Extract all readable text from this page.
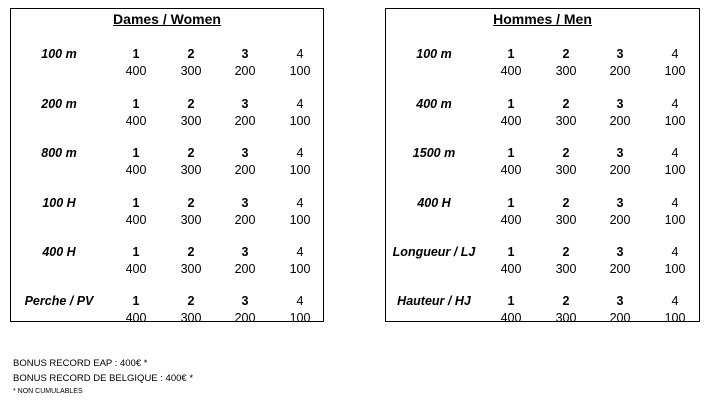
Dames / Women
100 m	1	2	3	4
400	300	200	100
200 m	1	2	3	4
400	300	200	100
800 m	1	2	3	4
400	300	200	100
100 H	1	2	3	4
400	300	200	100
400 H	1	2	3	4
400	300	200	100
Perche / PV	1	2	3	4
400	300	200	100
Hommes / Men
100 m	1	2	3	4
400	300	200	100
400 m	1	2	3	4
400	300	200	100
1500 m	1	2	3	4
400	300	200	100
400 H	1	2	3	4
400	300	200	100
Longueur / LJ	1	2	3	4
400	300	200	100
Hauteur / HJ	1	2	3	4
400	300	200	100
BONUS RECORD EAP : 400€ *
BONUS RECORD DE BELGIQUE : 400€ *
* NON CUMULABLES
